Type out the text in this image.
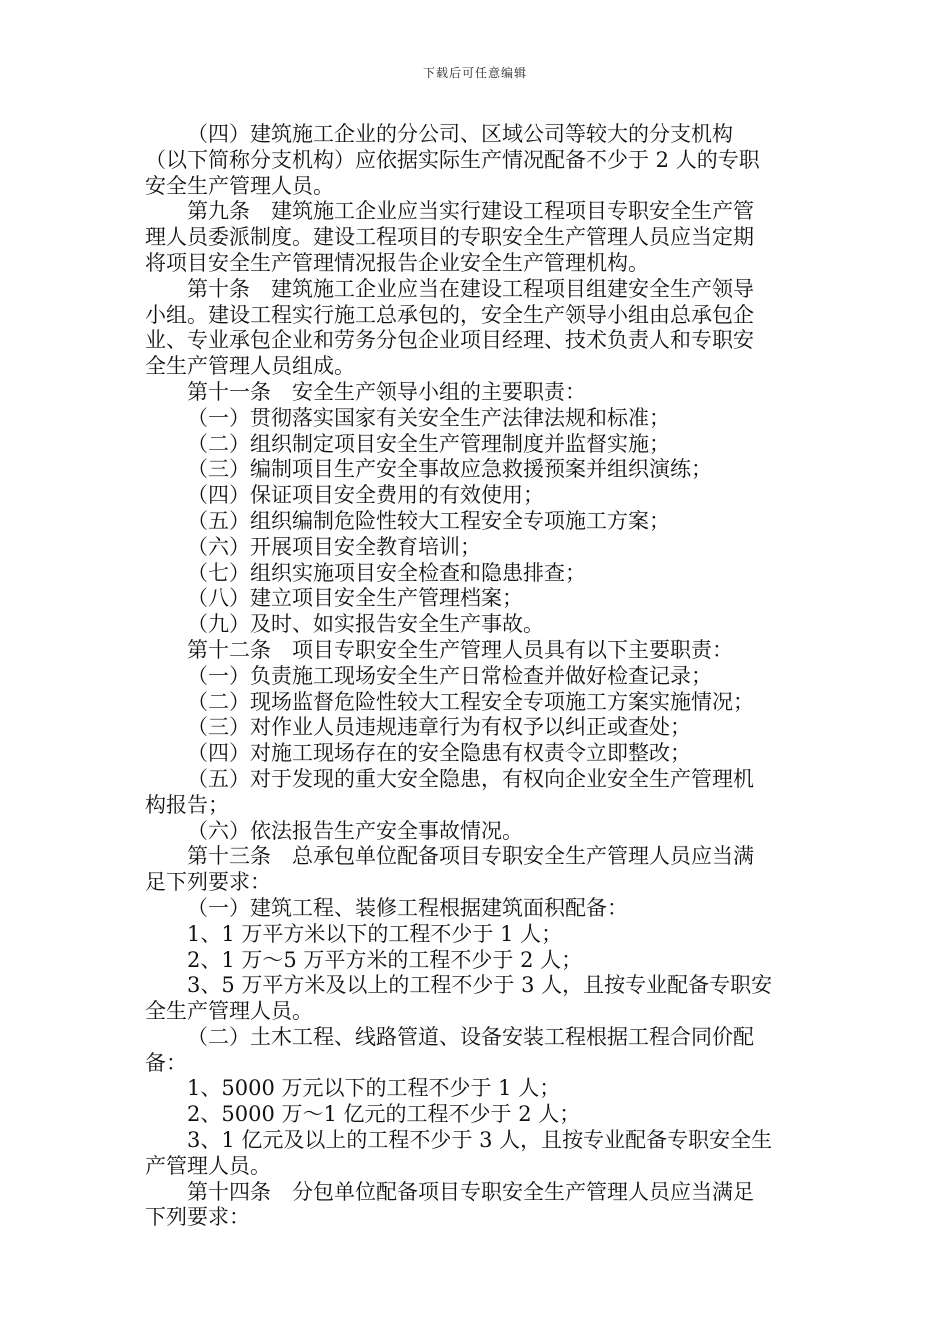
下载后可任意编辑

（四）建筑施工企业的分公司、区域公司等较大的分支机构

（以下简称分支机构）应依据实际生产情况配备不少于 2 人的专职

安全生产管理人员。

第九条　建筑施工企业应当实行建设工程项目专职安全生产管

理人员委派制度。建设工程项目的专职安全生产管理人员应当定期

将项目安全生产管理情况报告企业安全生产管理机构。

第十条　建筑施工企业应当在建设工程项目组建安全生产领导

小组。建设工程实行施工总承包的，安全生产领导小组由总承包企

业、专业承包企业和劳务分包企业项目经理、技术负责人和专职安

全生产管理人员组成。

第十一条　安全生产领导小组的主要职责：

（一）贯彻落实国家有关安全生产法律法规和标准；

（二）组织制定项目安全生产管理制度并监督实施；

（三）编制项目生产安全事故应急救援预案并组织演练；

（四）保证项目安全费用的有效使用；

（五）组织编制危险性较大工程安全专项施工方案；

（六）开展项目安全教育培训；

（七）组织实施项目安全检查和隐患排查；

（八）建立项目安全生产管理档案；

（九）及时、如实报告安全生产事故。

第十二条　项目专职安全生产管理人员具有以下主要职责：

（一）负责施工现场安全生产日常检查并做好检查记录；

（二）现场监督危险性较大工程安全专项施工方案实施情况；

（三）对作业人员违规违章行为有权予以纠正或查处；

（四）对施工现场存在的安全隐患有权责令立即整改；

（五）对于发现的重大安全隐患，有权向企业安全生产管理机

构报告；

（六）依法报告生产安全事故情况。

第十三条　总承包单位配备项目专职安全生产管理人员应当满

足下列要求：

（一）建筑工程、装修工程根据建筑面积配备：

1、1 万平方米以下的工程不少于 1 人；

2、1 万～5 万平方米的工程不少于 2 人；

3、5 万平方米及以上的工程不少于 3 人，且按专业配备专职安

全生产管理人员。

（二）土木工程、线路管道、设备安装工程根据工程合同价配

备：

1、5000 万元以下的工程不少于 1 人；

2、5000 万～1 亿元的工程不少于 2 人；

3、1 亿元及以上的工程不少于 3 人，且按专业配备专职安全生

产管理人员。

第十四条　分包单位配备项目专职安全生产管理人员应当满足

下列要求：
